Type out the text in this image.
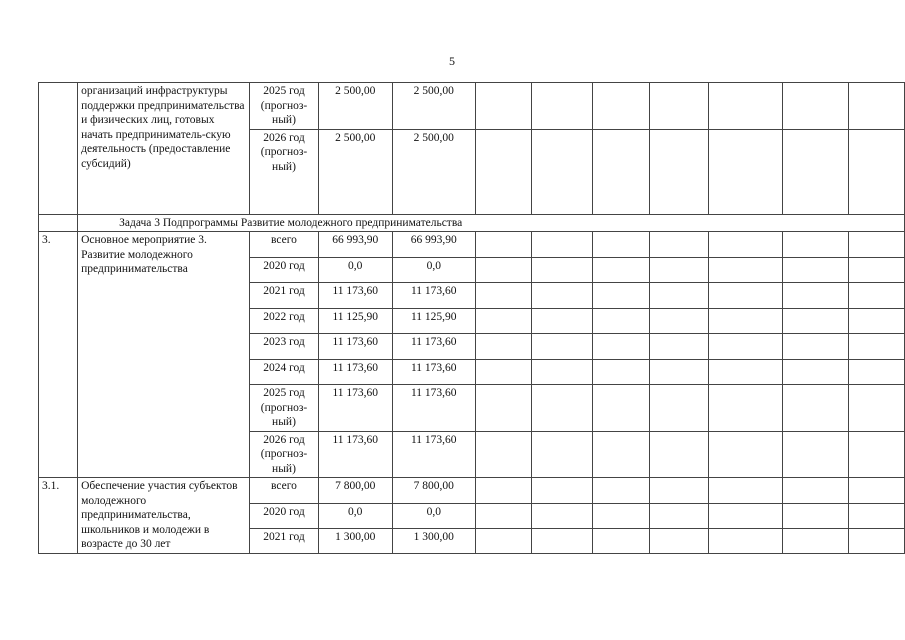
5
	организаций инфраструктуры поддержки предпринимательства и физических лиц, готовых начать предприниматель-скую деятельность (предоставление субсидий)	2025 год (прогноз-ный)	2 500,00	2 500,00							
		2026 год (прогноз-ный)	2 500,00	2 500,00							
	Задача 3 Подпрограммы Развитие молодежного предпринимательства										
3.	Основное мероприятие 3. Развитие молодежного предпринимательства	всего	66 993,90	66 993,90							
		2020 год	0,0	0,0							
		2021 год	11 173,60	11 173,60							
		2022 год	11 125,90	11 125,90							
		2023 год	11 173,60	11 173,60							
		2024 год	11 173,60	11 173,60							
		2025 год (прогноз-ный)	11 173,60	11 173,60							
		2026 год (прогноз-ный)	11 173,60	11 173,60							
3.1.	Обеспечение участия субъектов молодежного предпринимательства, школьников и молодежи в возрасте до 30 лет	всего	7 800,00	7 800,00							
		2020 год	0,0	0,0							
		2021 год	1 300,00	1 300,00							
